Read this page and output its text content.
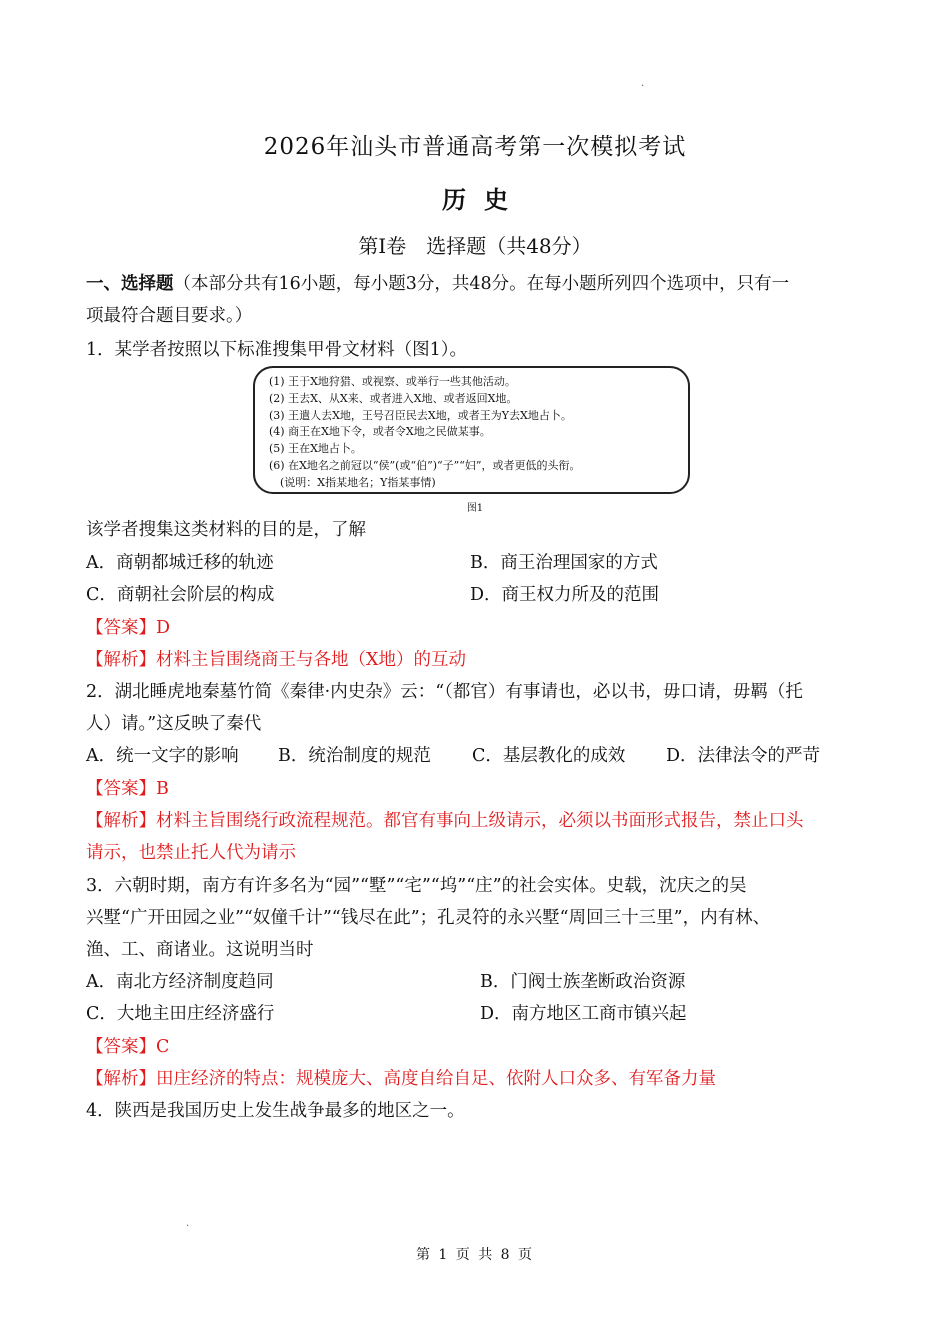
.
2026年汕头市普通高考第一次模拟考试
历史
第Ⅰ卷　选择题（共48分）
一、选择题（本部分共有16小题，每小题3分，共48分。在每小题所列四个选项中，只有一
项最符合题目要求。）
1．某学者按照以下标准搜集甲骨文材料（图1）。
(1) 王于X地狩猎、或视察、或举行一些其他活动。
(2) 王去X、从X来、或者进入X地、或者返回X地。
(3) 王遣人去X地，王号召臣民去X地，或者王为Y去X地占卜。
(4) 商王在X地下令，或者令X地之民做某事。
(5) 王在X地占卜。
(6) 在X地名之前冠以“侯”(或“伯”)“子”“妇”，或者更低的头衔。
　(说明：X指某地名；Y指某事情)
图1
该学者搜集这类材料的目的是，了解
A．商朝都城迁移的轨迹	B．商王治理国家的方式
C．商朝社会阶层的构成	D．商王权力所及的范围
【答案】D
【解析】材料主旨围绕商王与各地（X地）的互动
2．湖北睡虎地秦墓竹简《秦律·内史杂》云：“（都官）有事请也，必以书，毋口请，毋羁（托
人）请。”这反映了秦代
A．统一文字的影响 B．统治制度的规范 C．基层教化的成效 D．法律法令的严苛
【答案】B
【解析】材料主旨围绕行政流程规范。都官有事向上级请示，必须以书面形式报告，禁止口头
请示，也禁止托人代为请示
3．六朝时期，南方有许多名为“园”“墅”“宅”“坞”“庄”的社会实体。史载，沈庆之的吴
兴墅“广开田园之业”“奴僮千计”“钱尽在此”；孔灵符的永兴墅“周回三十三里”，内有林、
渔、工、商诸业。这说明当时
A．南北方经济制度趋同	B．门阀士族垄断政治资源
C．大地主田庄经济盛行	D．南方地区工商市镇兴起
【答案】C
【解析】田庄经济的特点：规模庞大、高度自给自足、依附人口众多、有军备力量
4．陕西是我国历史上发生战争最多的地区之一。
.
第 1 页 共 8 页
